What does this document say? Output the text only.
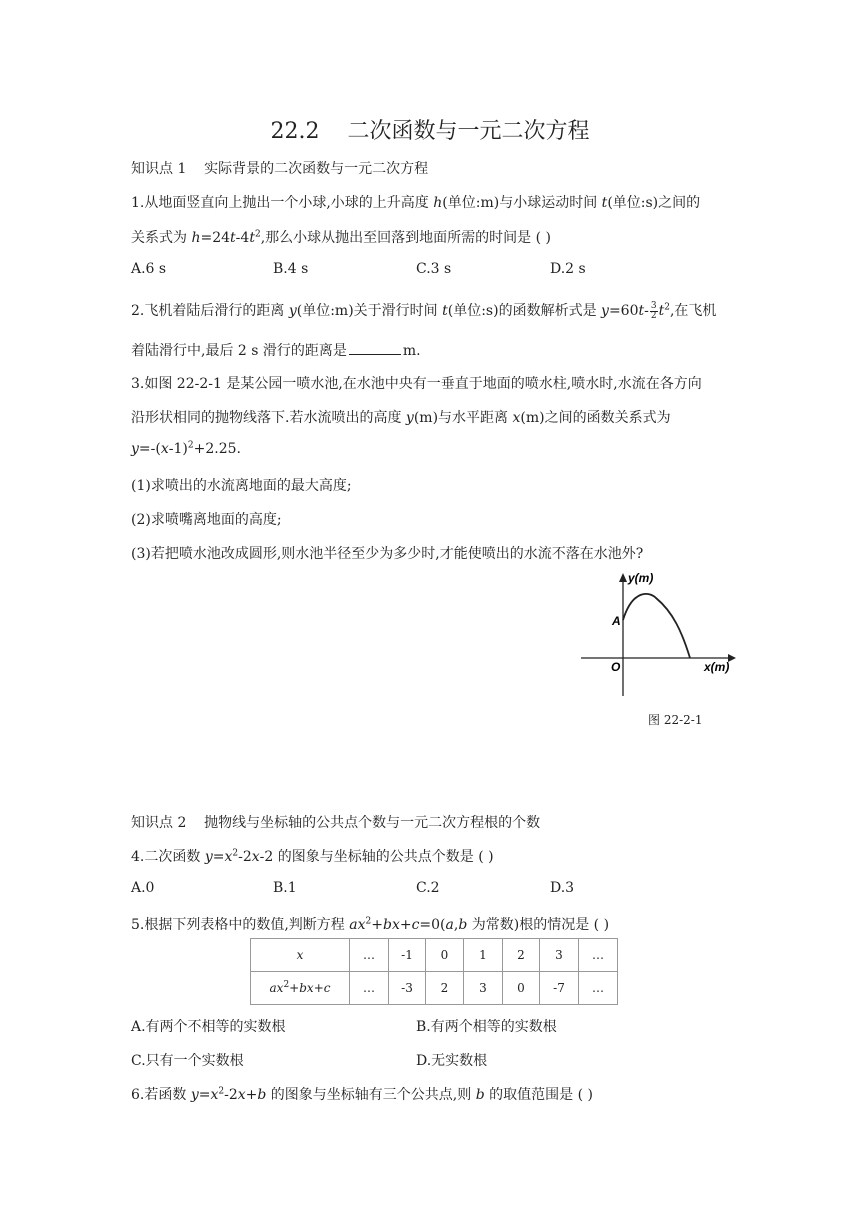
22.2 二次函数与一元二次方程
知识点 1 实际背景的二次函数与一元二次方程
1.从地面竖直向上抛出一个小球,小球的上升高度 h(单位:m)与小球运动时间 t(单位:s)之间的
关系式为 $h=24t-4t^2$,那么小球从抛出至回落到地面所需的时间是 ( )
A.6 s	B.4 s	C.3 s	D.2 s
2.飞机着陆后滑行的距离 y(单位:m)关于滑行时间 t(单位:s)的函数解析式是 $y=60t- \frac{3}{2} t^2$,在飞机
着陆滑行中,最后 2 s 滑行的距离是	m.
3.如图 22-2-1 是某公园一喷水池,在水池中央有一垂直于地面的喷水柱,喷水时,水流在各方向
沿形状相同的抛物线落下.若水流喷出的高度 y(m)与水平距离 x(m)之间的函数关系式为
$y=-(x-1)^2+2.25$.
(1)求喷出的水流离地面的最大高度;
(2)求喷嘴离地面的高度;
(3)若把喷水池改成圆形,则水池半径至少为多少时,才能使喷出的水流不落在水池外?
y(m)
x(m)
O
A
图 22-2-1
知识点 2 抛物线与坐标轴的公共点个数与一元二次方程根的个数
4.二次函数 $y=x^2-2x-2$ 的图象与坐标轴的公共点个数是 ( )
A.0	B.1	C.2	D.3
5.根据下列表格中的数值,判断方程 $ax^2+bx+c=0(a,b$ 为常数)根的情况是 ( )
x	…	-1	0	1	2	3	…
$ax^2+bx+c$	…	-3	2	3	0	-7	…
A.有两个不相等的实数根	B.有两个相等的实数根
C.只有一个实数根	D.无实数根
6.若函数 $y=x^2-2x+b$ 的图象与坐标轴有三个公共点,则 b 的取值范围是 ( )
